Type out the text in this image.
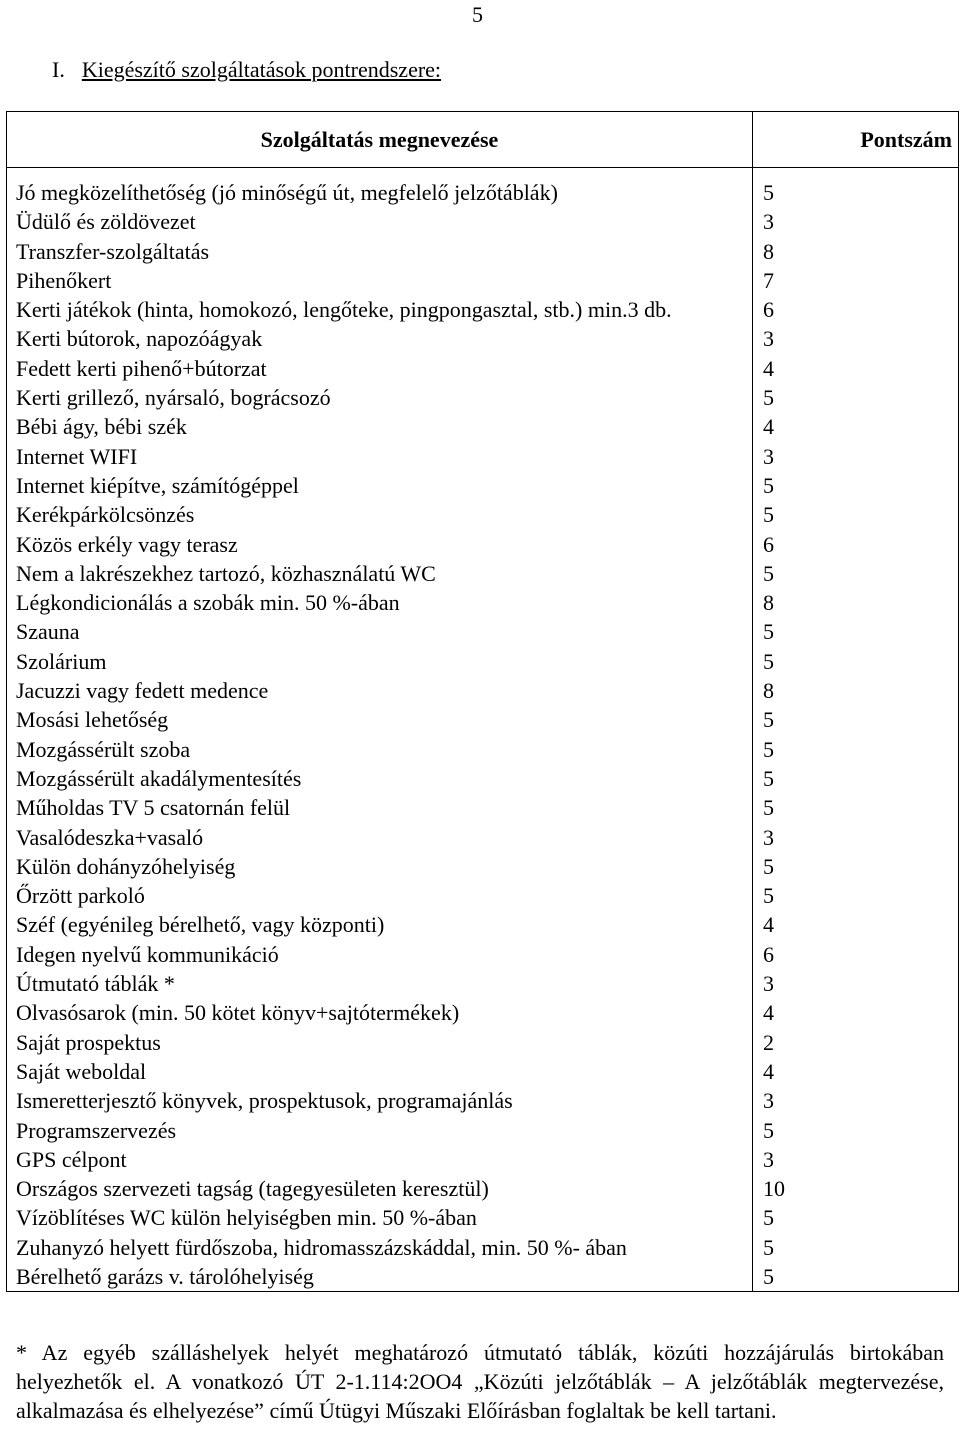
5
I. Kiegészítő szolgáltatások pontrendszere:
Szolgáltatás megnevezése	Pontszám

Jó megközelíthetőség (jó minőségű út, megfelelő jelzőtáblák)	5
Üdülő és zöldövezet	3
Transzfer-szolgáltatás	8
Pihenőkert	7
Kerti játékok (hinta, homokozó, lengőteke, pingpongasztal, stb.) min.3 db.	6
Kerti bútorok, napozóágyak	3
Fedett kerti pihenő+bútorzat	4
Kerti grillező, nyársaló, bográcsozó	5
Bébi ágy, bébi szék	4
Internet WIFI	3
Internet kiépítve, számítógéppel	5
Kerékpárkölcsönzés	5
Közös erkély vagy terasz	6
Nem a lakrészekhez tartozó, közhasználatú WC	5
Légkondicionálás a szobák min. 50 %-ában	8
Szauna	5
Szolárium	5
Jacuzzi vagy fedett medence	8
Mosási lehetőség	5
Mozgássérült szoba	5
Mozgássérült akadálymentesítés	5
Műholdas TV 5 csatornán felül	5
Vasalódeszka+vasaló	3
Külön dohányzóhelyiség	5
Őrzött parkoló	5
Széf (egyénileg bérelhető, vagy központi)	4
Idegen nyelvű kommunikáció	6
Útmutató táblák *	3
Olvasósarok (min. 50 kötet könyv+sajtótermékek)	4
Saját prospektus	2
Saját weboldal	4
Ismeretterjesztő könyvek, prospektusok, programajánlás	3
Programszervezés	5
GPS célpont	3
Országos szervezeti tagság (tagegyesületen keresztül)	10
Vízöblítéses WC külön helyiségben min. 50 %-ában	5
Zuhanyzó helyett fürdőszoba, hidromasszázskáddal, min. 50 %- ában	5
Bérelhető garázs v. tárolóhelyiség	5
* Az egyéb szálláshelyek helyét meghatározó útmutató táblák, közúti hozzájárulás birtokában helyezhetők el. A vonatkozó ÚT 2-1.114:2OO4 „Közúti jelzőtáblák – A jelzőtáblák megtervezése, alkalmazása és elhelyezése” című Útügyi Műszaki Előírásban foglaltak be kell tartani.
